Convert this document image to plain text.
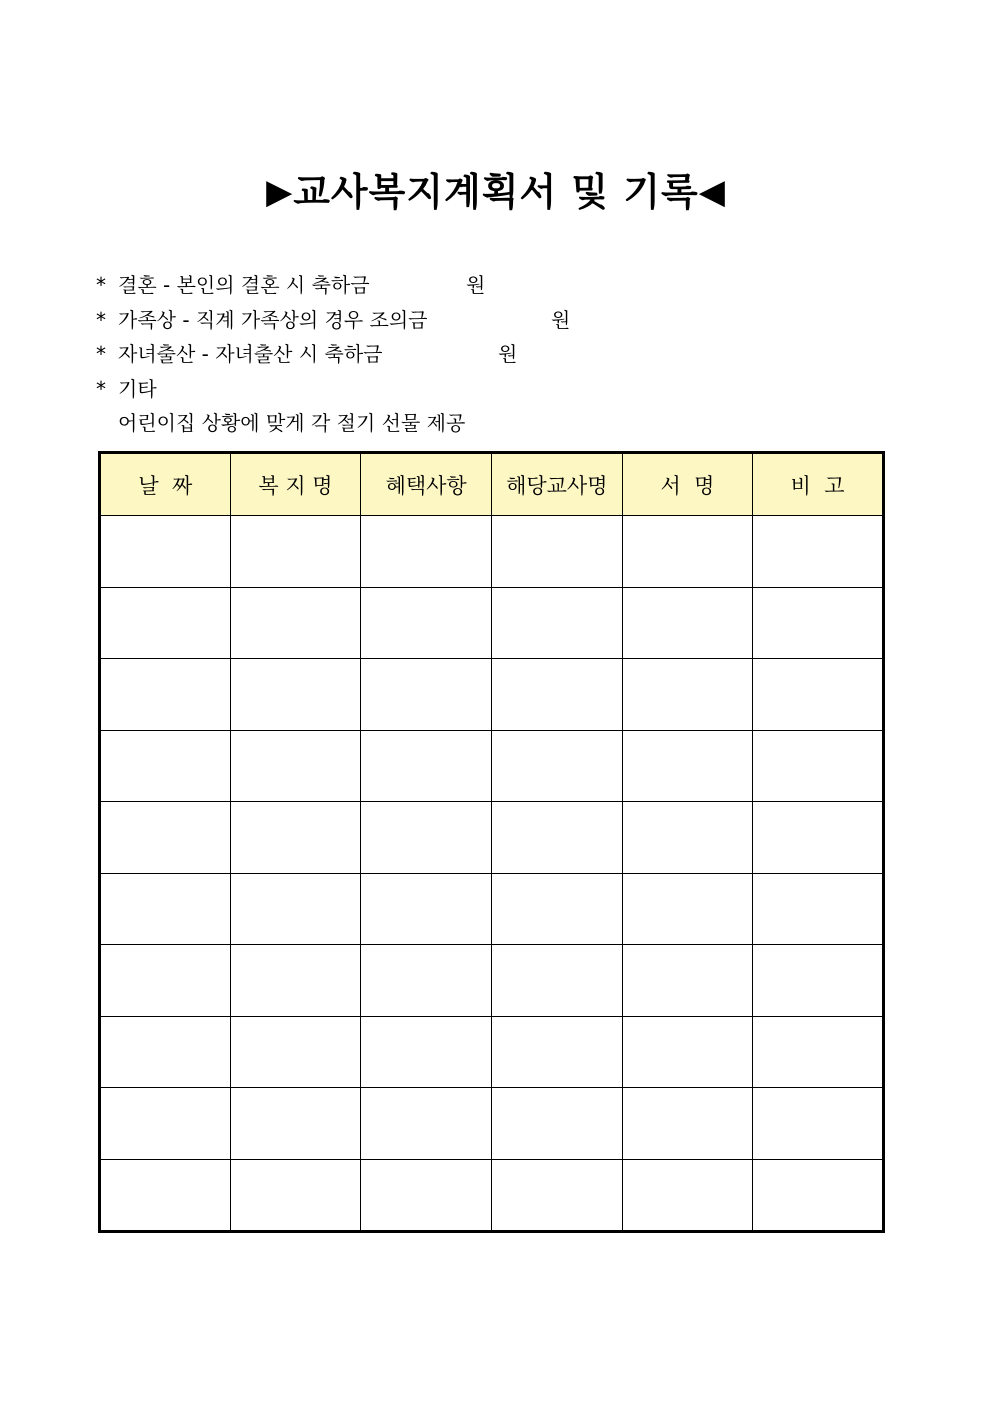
▶교사복지계획서 및 기록◀
* 결혼 - 본인의 결혼 시 축하금	원
* 가족상 - 직계 가족상의 경우 조의금	원
* 자녀출산 - 자녀출산 시 축하금	원
* 기타
어린이집 상황에 맞게 각 절기 선물 제공
날  짜	복 지 명	혜택사항	해당교사명	서  명	비  고
